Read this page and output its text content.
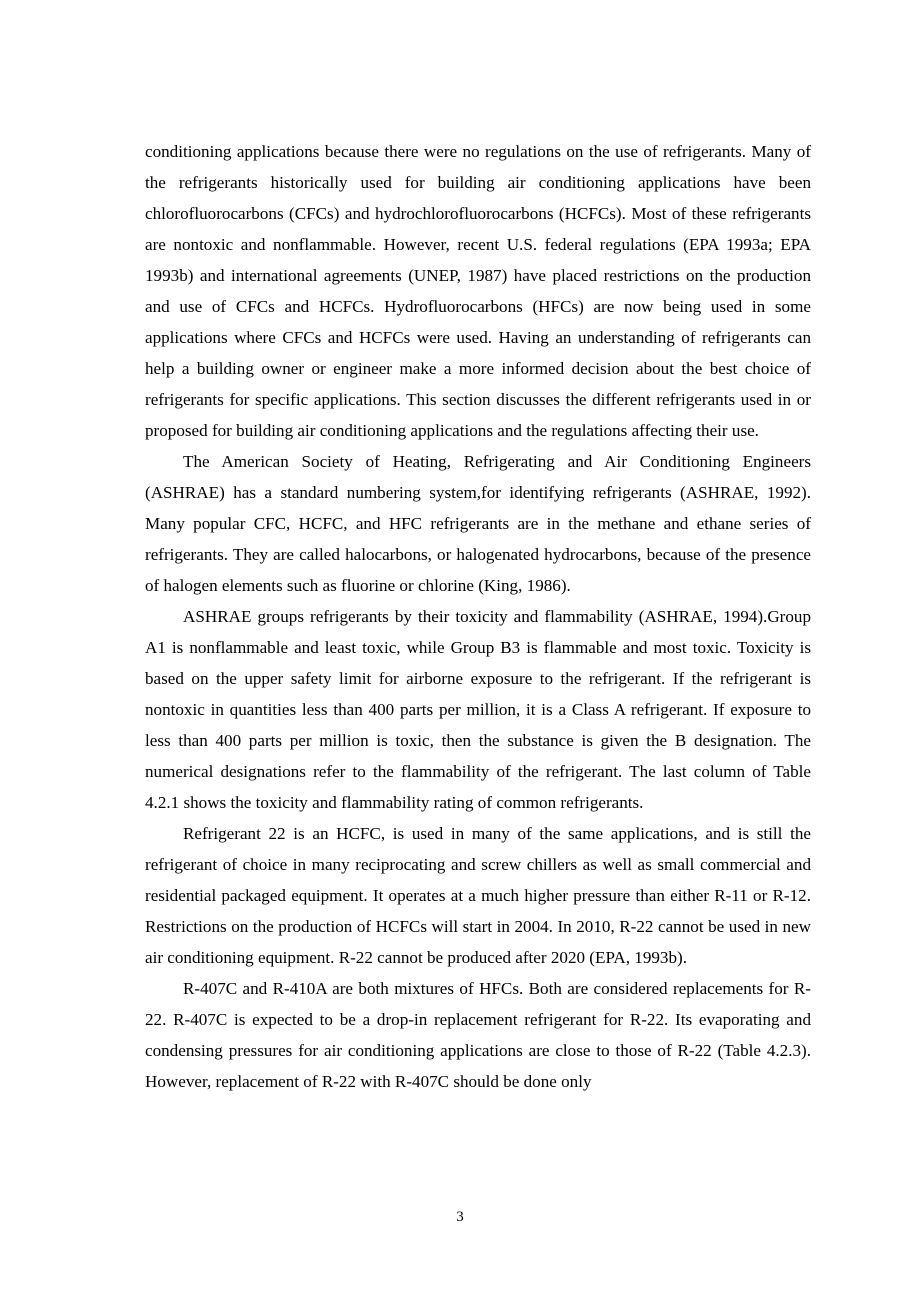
conditioning applications because there were no regulations on the use of refrigerants. Many of the refrigerants historically used for building air conditioning applications have been chlorofluorocarbons (CFCs) and hydrochlorofluorocarbons (HCFCs). Most of these refrigerants are nontoxic and nonflammable. However, recent U.S. federal regulations (EPA 1993a; EPA 1993b) and international agreements (UNEP, 1987) have placed restrictions on the production and use of CFCs and HCFCs. Hydrofluorocarbons (HFCs) are now being used in some applications where CFCs and HCFCs were used. Having an understanding of refrigerants can help a building owner or engineer make a more informed decision about the best choice of refrigerants for specific applications. This section discusses the different refrigerants used in or proposed for building air conditioning applications and the regulations affecting their use.

The American Society of Heating, Refrigerating and Air Conditioning Engineers (ASHRAE) has a standard numbering system,for identifying refrigerants (ASHRAE, 1992). Many popular CFC, HCFC, and HFC refrigerants are in the methane and ethane series of refrigerants. They are called halocarbons, or halogenated hydrocarbons, because of the presence of halogen elements such as fluorine or chlorine (King, 1986).

ASHRAE groups refrigerants by their toxicity and flammability (ASHRAE, 1994).Group A1 is nonflammable and least toxic, while Group B3 is flammable and most toxic. Toxicity is based on the upper safety limit for airborne exposure to the refrigerant. If the refrigerant is nontoxic in quantities less than 400 parts per million, it is a Class A refrigerant. If exposure to less than 400 parts per million is toxic, then the substance is given the B designation. The numerical designations refer to the flammability of the refrigerant. The last column of Table 4.2.1 shows the toxicity and flammability rating of common refrigerants.

Refrigerant 22 is an HCFC, is used in many of the same applications, and is still the refrigerant of choice in many reciprocating and screw chillers as well as small commercial and residential packaged equipment. It operates at a much higher pressure than either R-11 or R-12. Restrictions on the production of HCFCs will start in 2004. In 2010, R-22 cannot be used in new air conditioning equipment. R-22 cannot be produced after 2020 (EPA, 1993b).

R-407C and R-410A are both mixtures of HFCs. Both are considered replacements for R-22. R-407C is expected to be a drop-in replacement refrigerant for R-22. Its evaporating and condensing pressures for air conditioning applications are close to those of R-22 (Table 4.2.3). However, replacement of R-22 with R-407C should be done only

3
